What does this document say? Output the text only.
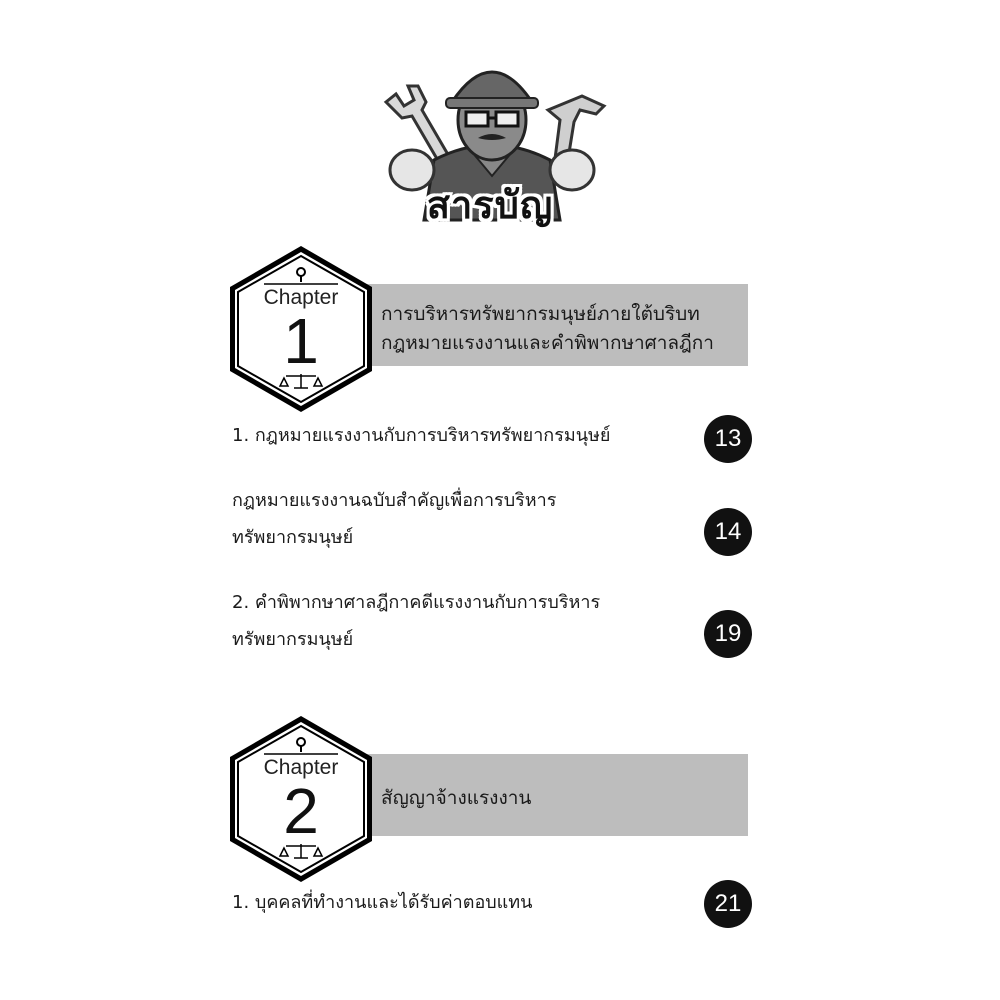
สารบัญ
การบริหารทรัพยากรมนุษย์ภายใต้บริบท
กฎหมายแรงงานและคำพิพากษาศาลฎีกา
Chapter
1
1. กฎหมายแรงงานกับการบริหารทรัพยากรมนุษย์	13
กฎหมายแรงงานฉบับสำคัญเพื่อการบริหาร
ทรัพยากรมนุษย์	14
2. คำพิพากษาศาลฎีกาคดีแรงงานกับการบริหาร
ทรัพยากรมนุษย์	19
สัญญาจ้างแรงงาน
Chapter
2
1. บุคคลที่ทำงานและได้รับค่าตอบแทน	21
